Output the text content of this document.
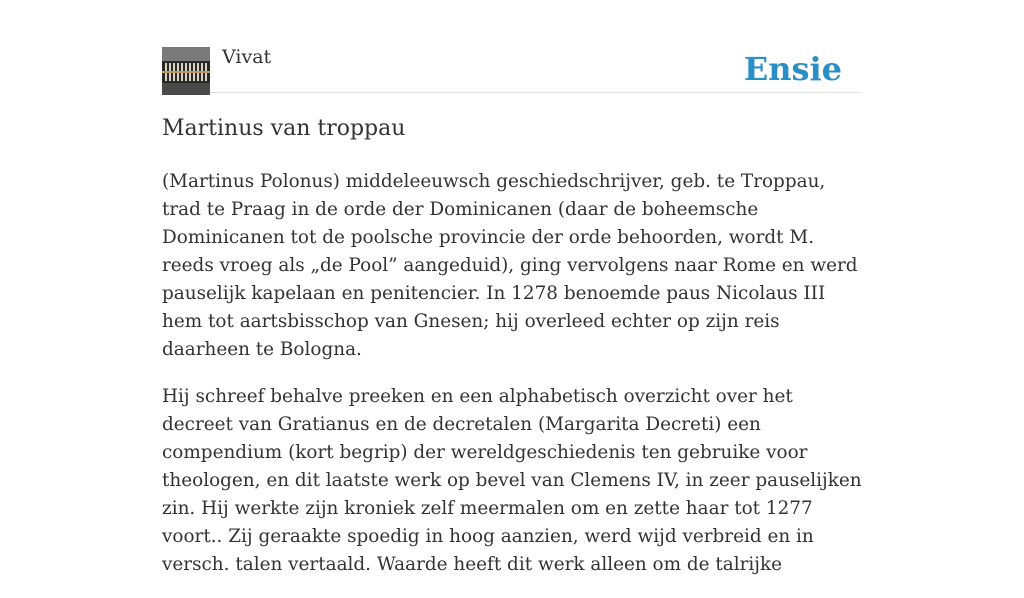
Vivat	Ensie
Martinus van troppau

(Martinus Polonus) middeleeuwsch geschiedschrijver, geb. te Troppau, trad te Praag in de orde der Dominicanen (daar de boheemsche Dominicanen tot de poolsche provincie der orde behoorden, wordt M. reeds vroeg als „de Pool” aangeduid), ging vervolgens naar Rome en werd pauselijk kapelaan en penitencier. In 1278 benoemde paus Nicolaus III hem tot aartsbisschop van Gnesen; hij overleed echter op zijn reis daarheen te Bologna.

Hij schreef behalve preeken en een alphabetisch overzicht over het decreet van Gratianus en de decretalen (Margarita Decreti) een compendium (kort begrip) der wereldgeschiedenis ten gebruike voor theologen, en dit laatste werk op bevel van Clemens IV, in zeer pauselijken zin. Hij werkte zijn kroniek zelf meermalen om en zette haar tot 1277 voort.. Zij geraakte spoedig in hoog aanzien, werd wijd verbreid en in versch. talen vertaald. Waarde heeft dit werk alleen om de talrijke
